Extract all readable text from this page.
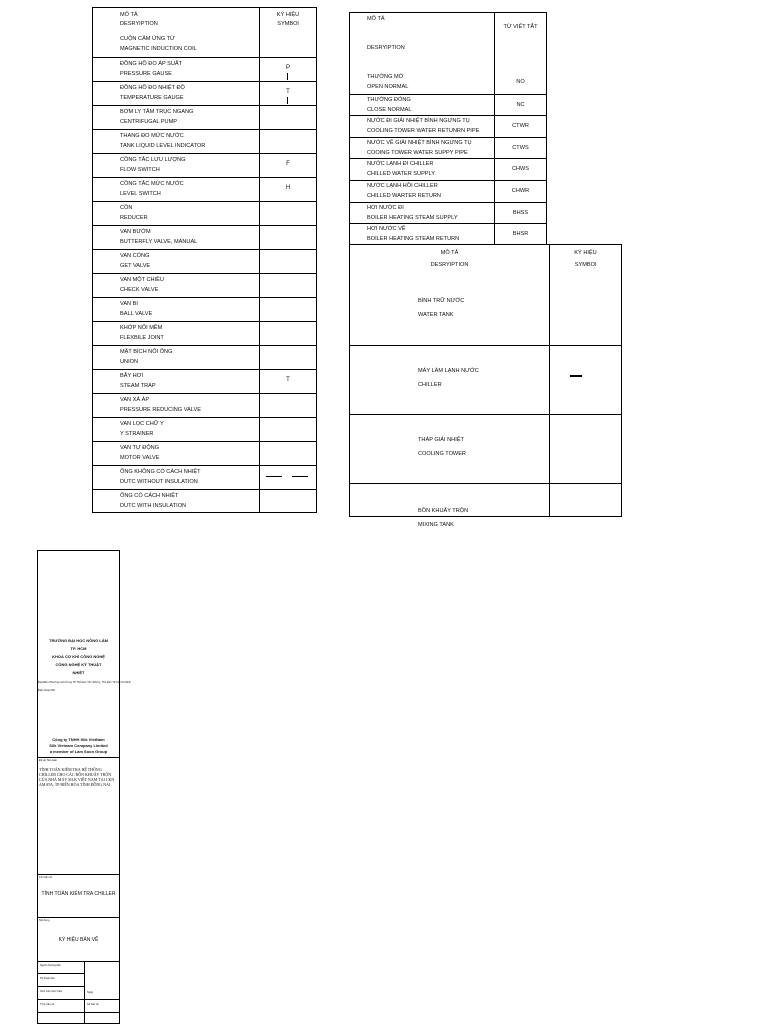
MÔ TẢ
DESRYIPTION
KÝ HIỆU
SYMBOl
CUỘN CẢM ỨNG TỪ
MAGNETIC INDUCTION COIL
ĐỒNG HỒ ĐO ÁP SUẤT
PRESSURE GAUSE
P
ĐỒNG HỒ ĐO NHIỆT ĐỘ
TEMPERATURE GAUGE
T
BƠM LY TÂM TRỤC NGANG
CENTRIFUGAL PUMP
THANG ĐO MỨC NƯỚC
TANK LIQUID LEVEL INDICATOR
CÔNG TẮC LƯU LƯỢNG
FLOW SWITCH
F
CÔNG TẮC MỨC NƯỚC
LEVEL SWITCH
H
CÔN
REDUCER
VAN BƯỚM
BUTTERFLY VALVE, MANUAL
VAN CỔNG
GET VALVE
VAN MỘT CHIỀU
CHECK VALVE
VAN BI
BALL VALVE
KHỚP NỐI MỀM
FLEXBILE JOINT
MẶT BÍCH NỐI ỐNG
UNION
BẪY HƠI
STEAM TRAP
T
VAN XẢ ÁP
PRESSURE REDUCING VALVE
VAN LỌC CHỮ Y
Y STRAINER
VAN TỰ ĐỘNG
MOTOR VALVE
ỐNG KHÔNG CÓ CÁCH NHIỆT
DUTC WITHOUT INSULATION
ỐNG CÓ CÁCH NHIỆT
DUTC WITH INSULATION
MÔ TẢ
DESRYIPTION
TỪ VIẾT TẮT
THƯỜNG MỞ
OPEN NORMAL
NO
THƯỜNG ĐÓNG
CLOSE NORMAL
NC
NƯỚC ĐI GIẢI NHIỆT BÌNH NGƯNG TỤ
COOLING TOWER WATER RETUNRN PIPE
CTWR
NƯỚC VỀ GIẢI NHIỆT BÌNH NGƯNG TỤ
COOING TOWER WATER SUPPY PIPE
CTWS
NƯỚC LẠNH ĐI CHILLER
CHILLED WATER SUPPLY
CHWS
NƯỚC LẠNH HỒI CHILLER
CHILLED WARTER RETURN
CHWR
HƠI NƯỚC ĐI
BOILER HEATING STEAM SUPPLY
BHSS
HƠI NƯỚC VỀ
BOILER HEATING STEAM RETURN
BHSR
MÔ TẢ
DESRYIPTION
KÝ HIỆU
SYMBOl
BÌNH TRỮ NƯỚC
WATER TANK
MÁY LÀM LẠNH NƯỚC
CHILLER
THÁP GIẢI NHIỆT
COOLING TOWER
BỒN KHUẤY TRỘN
MIXING TANK
TRƯỜNG ĐẠI HỌC NÔNG LÂM
TP. HCM
KHOA CƠ KHÍ CÔNG NGHỆ
CÔNG NGHỆ KỸ THUẬT
NHIỆT
Địa Điểm Phường Linh Trung TP Thủ Đức TP. HCM Q. Thủ Đức TP Hồ Chí Minh
Điện thoại 028
Công ty TNHH Silk VietNam
Silk Vietnam Company Limited
a member of Lam Soon Group
Đề tài Tiểu luận
TÍNH TOÁN KIỂM TRA HỆ THỐNG CHILLER CHO CÁC BỒN KHUẤY TRỘN CỦA NHÀ MÁY SILK VIỆT NAM TẠI CKN AMATA, TP BIÊN HÒA TỈNH ĐỒNG NAI
Tên bản vẽ
TÍNH TOÁN KIỂM TRA CHILLER
Nội dung
KÝ HIỆU BẢN VẼ
Người hướng dẫn
Kỹ thuật viên
Sinh viên thực hiện	Ngày
Tỷ lệ bản vẽ	Số bản vẽ
